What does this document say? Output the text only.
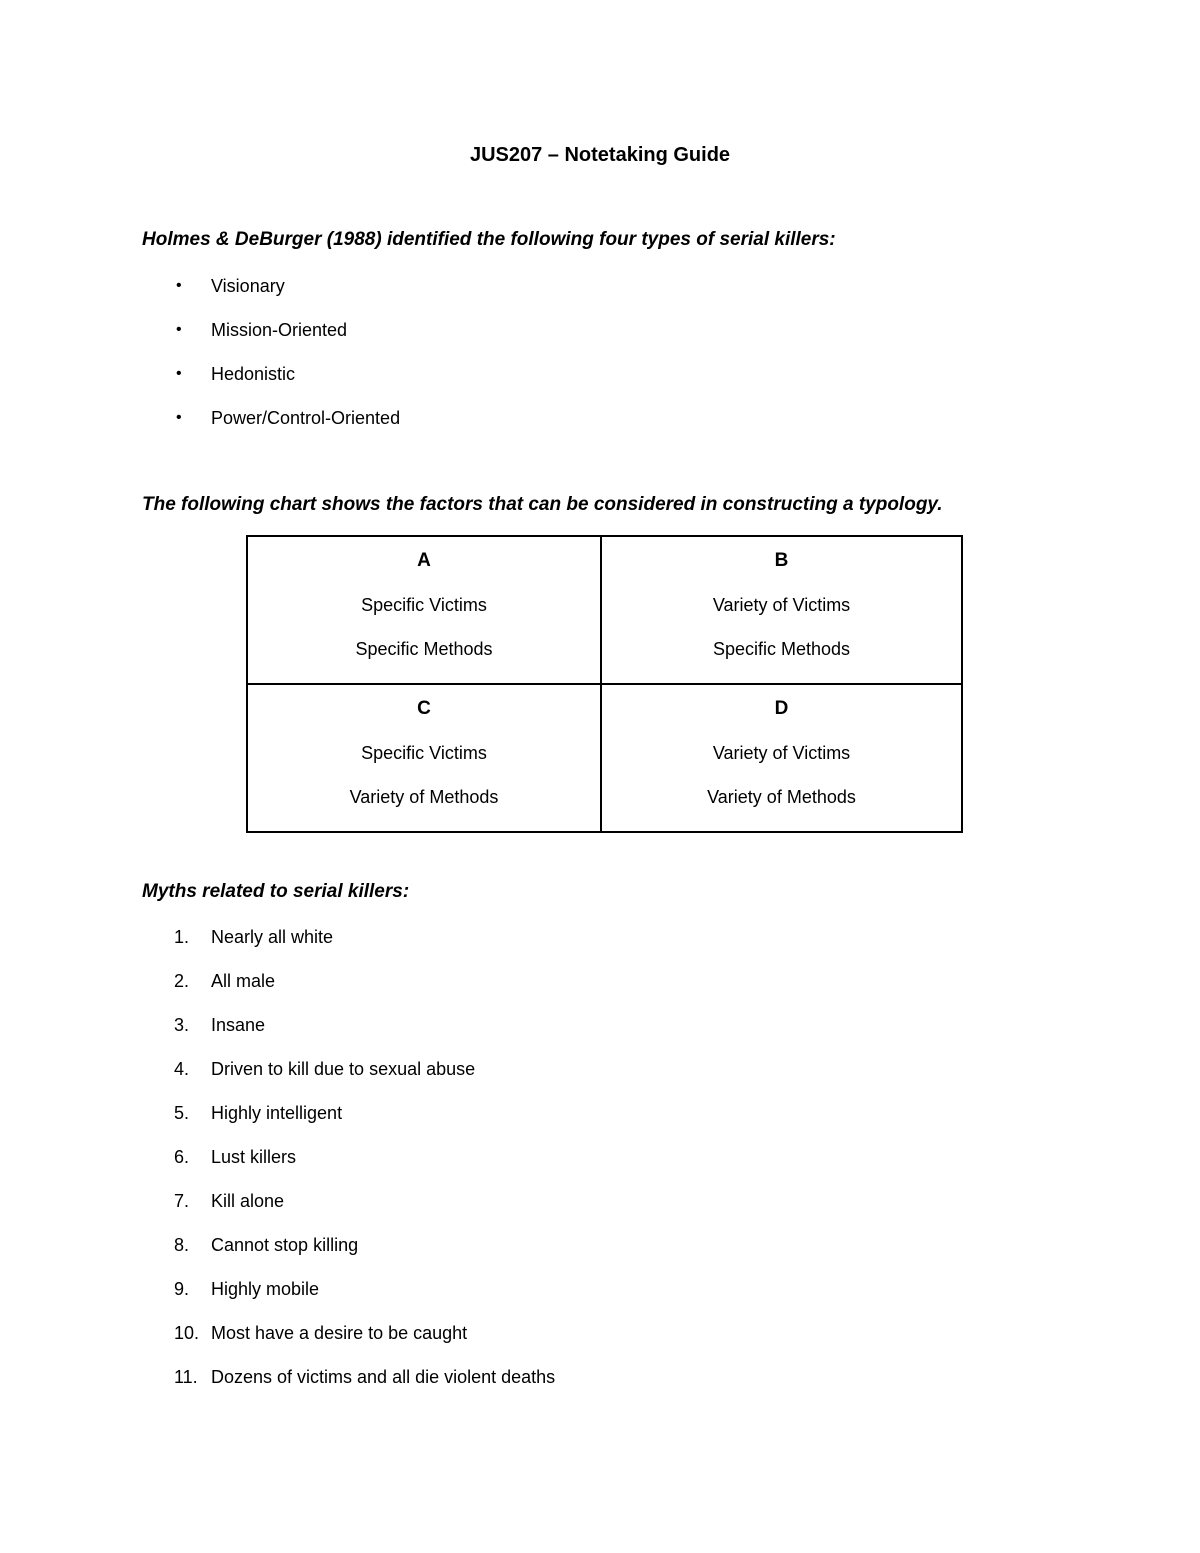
JUS207 – Notetaking Guide
Holmes & DeBurger (1988) identified the following four types of serial killers:
• Visionary
• Mission-Oriented
• Hedonistic
• Power/Control-Oriented
The following chart shows the factors that can be considered in constructing a typology.
A
Specific Victims
Specific Methods	B
Variety of Victims
Specific Methods

C
Specific Victims
Variety of Methods	D
Variety of Victims
Variety of Methods
Myths related to serial killers:
1. Nearly all white
2. All male
3. Insane
4. Driven to kill due to sexual abuse
5. Highly intelligent
6. Lust killers
7. Kill alone
8. Cannot stop killing
9. Highly mobile
10. Most have a desire to be caught
11. Dozens of victims and all die violent deaths
